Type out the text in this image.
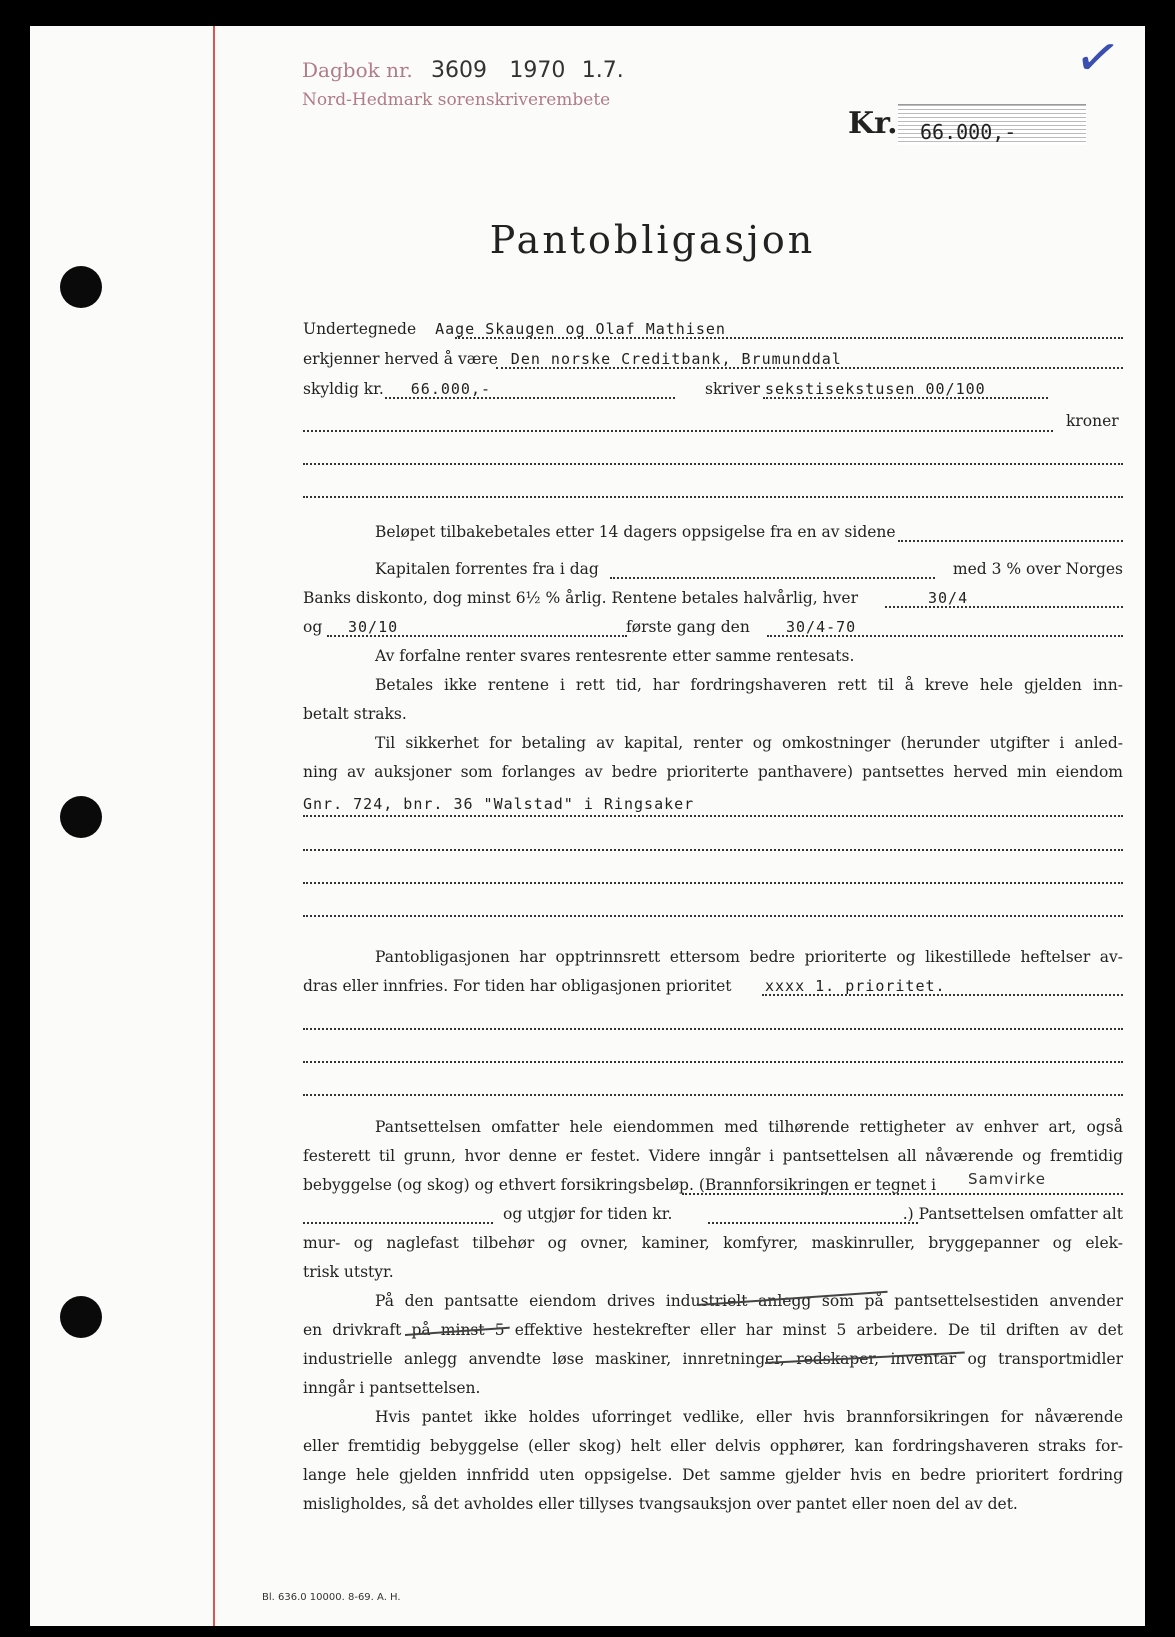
✓
Dagbok nr. 3609 1970 1.7.
Nord-Hedmark sorenskriverembete
Kr. 66.000,-
Pantobligasjon
Undertegnede Aage Skaugen og Olaf Mathisen
erkjenner herved å være Den norske Creditbank, Brumunddal
skyldig kr. 66.000,-	skriver sekstisekstusen 00/100
kroner
Beløpet tilbakebetales etter 14 dagers oppsigelse fra en av sidene
Kapitalen forrentes fra i dag	med 3 % over Norges
Banks diskonto, dog minst 6½ % årlig. Rentene betales halvårlig, hver	30/4
og 30/10	første gang den 30/4-70
Av forfalne renter svares rentesrente etter samme rentesats.
Betales ikke rentene i rett tid, har fordringshaveren rett til å kreve hele gjelden inn-
betalt straks.
Til sikkerhet for betaling av kapital, renter og omkostninger (herunder utgifter i anled-
ning av auksjoner som forlanges av bedre prioriterte panthavere) pantsettes herved min eiendom
Gnr. 724, bnr. 36 "Walstad" i Ringsaker
Pantobligasjonen har opptrinnsrett ettersom bedre prioriterte og likestillede heftelser av-
dras eller innfries. For tiden har obligasjonen prioritet xxxx 1. prioritet.
Pantsettelsen omfatter hele eiendommen med tilhørende rettigheter av enhver art, også
festerett til grunn, hvor denne er festet. Videre inngår i pantsettelsen all nåværende og fremtidig
bebyggelse (og skog) og ethvert forsikringsbeløp. (Brannforsikringen er tegnet i Samvirke
og utgjør for tiden kr.	.) Pantsettelsen omfatter alt
mur- og naglefast tilbehør og ovner, kaminer, komfyrer, maskinruller, bryggepanner og elek-
trisk utstyr.
På den pantsatte eiendom drives industrielt anlegg som på pantsettelsestiden anvender
en drivkraft på minst 5 effektive hestekrefter eller har minst 5 arbeidere. De til driften av det
industrielle anlegg anvendte løse maskiner, innretninger, redskaper, inventar og transportmidler
inngår i pantsettelsen.
Hvis pantet ikke holdes uforringet vedlike, eller hvis brannforsikringen for nåværende
eller fremtidig bebyggelse (eller skog) helt eller delvis opphører, kan fordringshaveren straks for-
lange hele gjelden innfridd uten oppsigelse. Det samme gjelder hvis en bedre prioritert fordring
misligholdes, så det avholdes eller tillyses tvangsauksjon over pantet eller noen del av det.
Bl. 636.0 10000. 8-69. A. H.
